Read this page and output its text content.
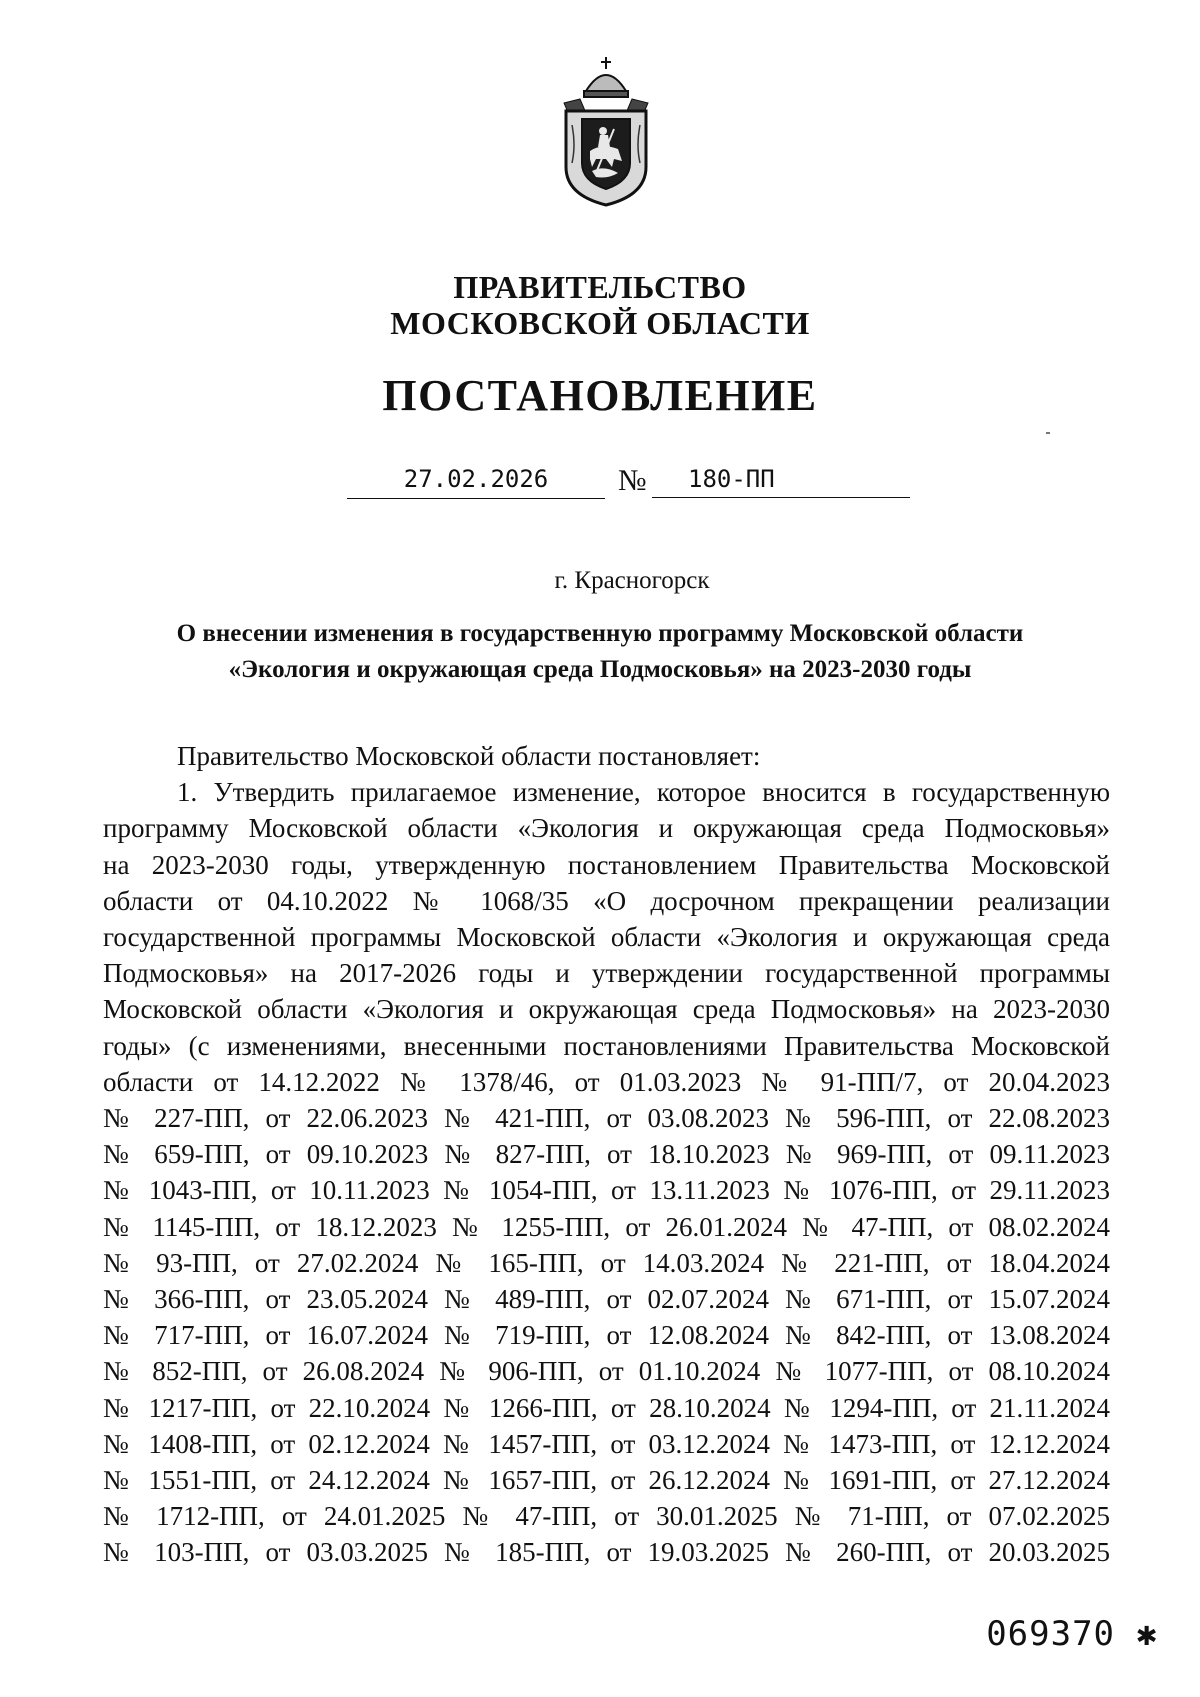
ПРАВИТЕЛЬСТВО
МОСКОВСКОЙ ОБЛАСТИ
ПОСТАНОВЛЕНИЕ
27.02.2026	№	180-ПП
г. Красногорск
О внесении изменения в государственную программу Московской области
«Экология и окружающая среда Подмосковья» на 2023-2030 годы

Правительство Московской области постановляет:

1. Утвердить прилагаемое изменение, которое вносится в государственную

программу Московской области «Экология и окружающая среда Подмосковья»

на 2023-2030 годы, утвержденную постановлением Правительства Московской

области от 04.10.2022 № 1068/35 «О досрочном прекращении реализации

государственной программы Московской области «Экология и окружающая среда

Подмосковья» на 2017-2026 годы и утверждении государственной программы

Московской области «Экология и окружающая среда Подмосковья» на 2023-2030

годы» (с изменениями, внесенными постановлениями Правительства Московской

области от 14.12.2022 № 1378/46, от 01.03.2023 № 91-ПП/7, от 20.04.2023

№ 227-ПП, от 22.06.2023 № 421-ПП, от 03.08.2023 № 596-ПП, от 22.08.2023

№ 659-ПП, от 09.10.2023 № 827-ПП, от 18.10.2023 № 969-ПП, от 09.11.2023

№ 1043-ПП, от 10.11.2023 № 1054-ПП, от 13.11.2023 № 1076-ПП, от 29.11.2023

№ 1145-ПП, от 18.12.2023 № 1255-ПП, от 26.01.2024 № 47-ПП, от 08.02.2024

№ 93-ПП, от 27.02.2024 № 165-ПП, от 14.03.2024 № 221-ПП, от 18.04.2024

№ 366-ПП, от 23.05.2024 № 489-ПП, от 02.07.2024 № 671-ПП, от 15.07.2024

№ 717-ПП, от 16.07.2024 № 719-ПП, от 12.08.2024 № 842-ПП, от 13.08.2024

№ 852-ПП, от 26.08.2024 № 906-ПП, от 01.10.2024 № 1077-ПП, от 08.10.2024

№ 1217-ПП, от 22.10.2024 № 1266-ПП, от 28.10.2024 № 1294-ПП, от 21.11.2024

№ 1408-ПП, от 02.12.2024 № 1457-ПП, от 03.12.2024 № 1473-ПП, от 12.12.2024

№ 1551-ПП, от 24.12.2024 № 1657-ПП, от 26.12.2024 № 1691-ПП, от 27.12.2024

№ 1712-ПП, от 24.01.2025 № 47-ПП, от 30.01.2025 № 71-ПП, от 07.02.2025

№ 103-ПП, от 03.03.2025 № 185-ПП, от 19.03.2025 № 260-ПП, от 20.03.2025

069370 ✱
